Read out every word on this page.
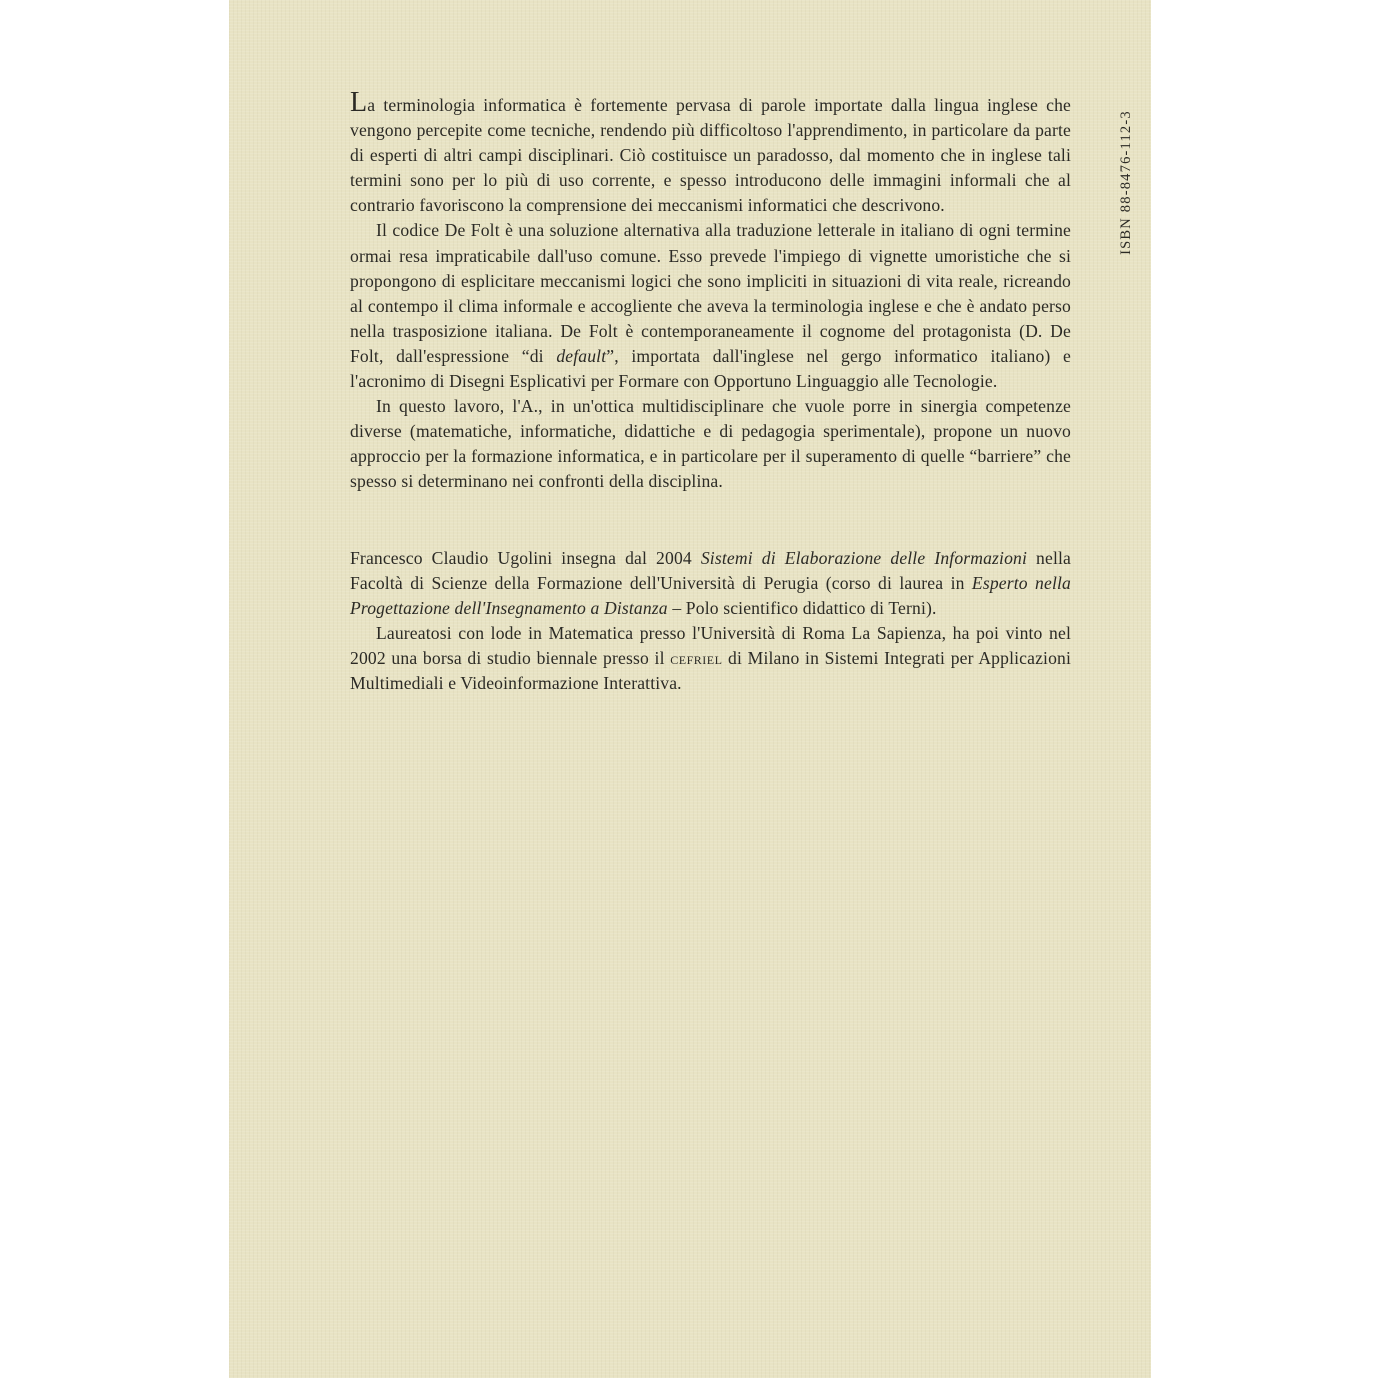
ISBN 88-8476-112-3

La terminologia informatica è fortemente pervasa di parole importate dalla lingua inglese che vengono percepite come tecniche, rendendo più difficoltoso l'apprendimento, in particolare da parte di esperti di altri campi disciplinari. Ciò costituisce un paradosso, dal momento che in inglese tali termini sono per lo più di uso corrente, e spesso introducono delle immagini informali che al contrario favoriscono la comprensione dei meccanismi informatici che descrivono.

Il codice De Folt è una soluzione alternativa alla traduzione letterale in italiano di ogni termine ormai resa impraticabile dall'uso comune. Esso prevede l'impiego di vignette umoristiche che si propongono di esplicitare meccanismi logici che sono impliciti in situazioni di vita reale, ricreando al contempo il clima informale e accogliente che aveva la terminologia inglese e che è andato perso nella trasposizione italiana. De Folt è contemporaneamente il cognome del protagonista (D. De Folt, dall'espressione “di default”, importata dall'inglese nel gergo informatico italiano) e l'acronimo di Disegni Esplicativi per Formare con Opportuno Linguaggio alle Tecnologie.

In questo lavoro, l'A., in un'ottica multidisciplinare che vuole porre in sinergia competenze diverse (matematiche, informatiche, didattiche e di pedagogia sperimentale), propone un nuovo approccio per la formazione informatica, e in particolare per il superamento di quelle “barriere” che spesso si determinano nei confronti della disciplina.

Francesco Claudio Ugolini insegna dal 2004 Sistemi di Elaborazione delle Informazioni nella Facoltà di Scienze della Formazione dell'Università di Perugia (corso di laurea in Esperto nella Progettazione dell'Insegnamento a Distanza – Polo scientifico didattico di Terni).

Laureatosi con lode in Matematica presso l'Università di Roma La Sapienza, ha poi vinto nel 2002 una borsa di studio biennale presso il cefriel di Milano in Sistemi Integrati per Applicazioni Multimediali e Videoinformazione Interattiva.
